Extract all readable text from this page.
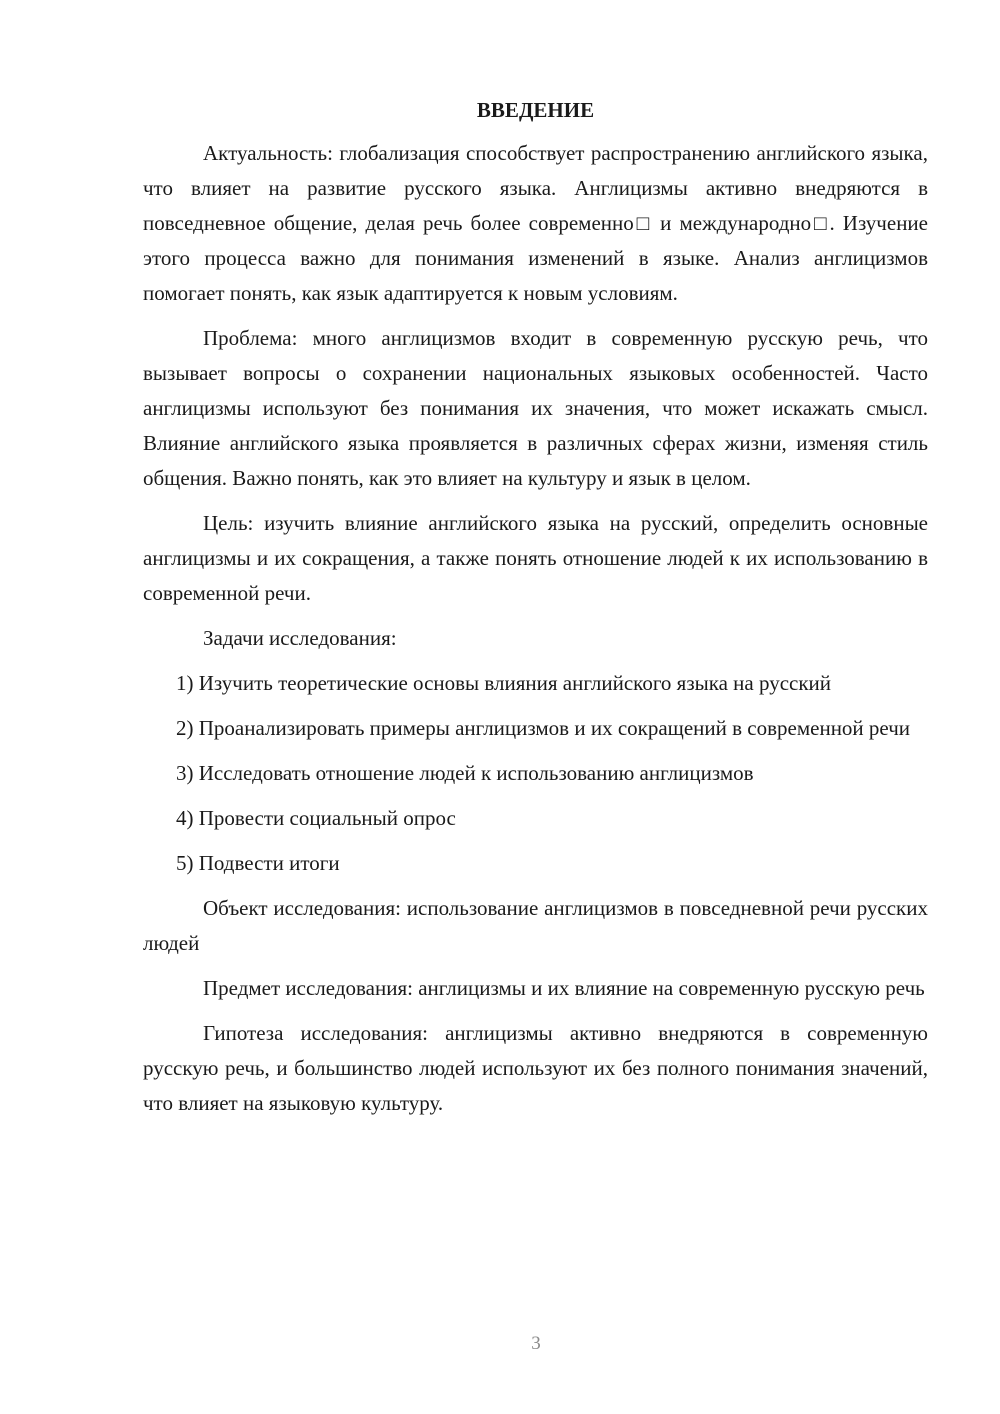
ВВЕДЕНИЕ

Актуальность: глобализация способствует распространению английского языка, что влияет на развитие русского языка. Англицизмы активно внедряются в повседневное общение, делая речь более современно□ и международно□. Изучение этого процесса важно для понимания изменений в языке. Анализ англицизмов помогает понять, как язык адаптируется к новым условиям.

Проблема: много англицизмов входит в современную русскую речь, что вызывает вопросы о сохранении национальных языковых особенностей. Часто англицизмы используют без понимания их значения, что может искажать смысл. Влияние английского языка проявляется в различных сферах жизни, изменяя стиль общения. Важно понять, как это влияет на культуру и язык в целом.

Цель: изучить влияние английского языка на русский, определить основные англицизмы и их сокращения, а также понять отношение людей к их использованию в современной речи.

Задачи исследования:

1) Изучить теоретические основы влияния английского языка на русский

2) Проанализировать примеры англицизмов и их сокращений в современной речи

3) Исследовать отношение людей к использованию англицизмов

4) Провести социальный опрос

5) Подвести итоги

Объект исследования: использование англицизмов в повседневной речи русских людей

Предмет исследования: англицизмы и их влияние на современную русскую речь

Гипотеза исследования: англицизмы активно внедряются в современную русскую речь, и большинство людей используют их без полного понимания значений, что влияет на языковую культуру.

3
